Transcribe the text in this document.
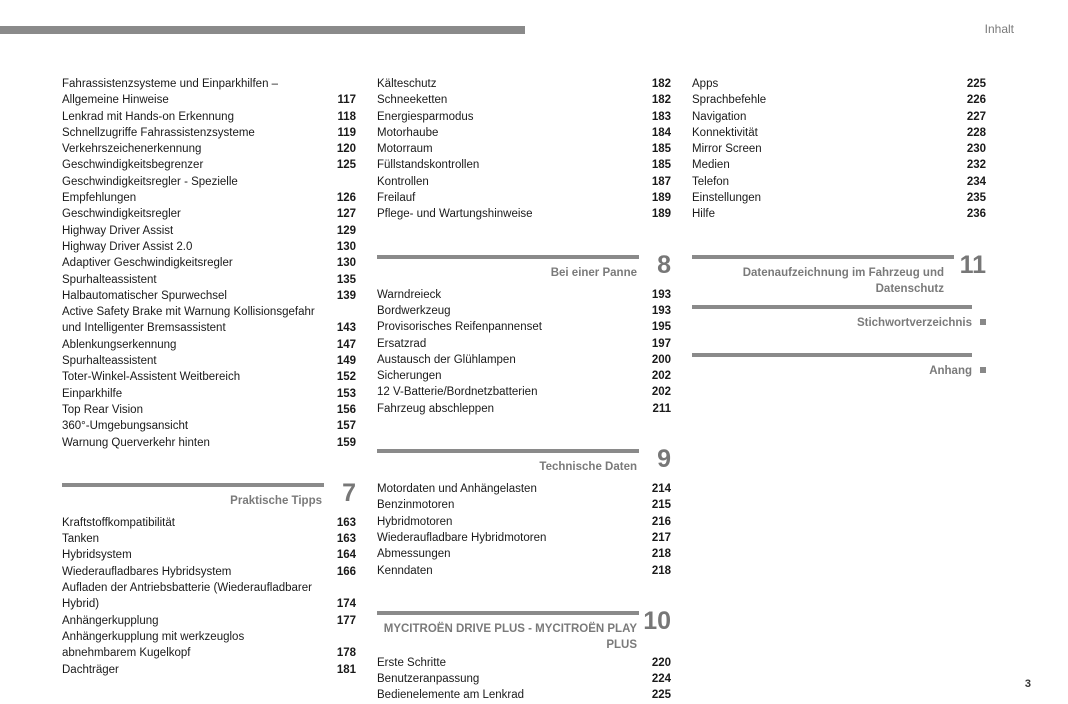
Inhalt
Fahrassistenzsysteme und Einparkhilfen –
Allgemeine Hinweise	117
Lenkrad mit Hands-on Erkennung	118
Schnellzugriffe Fahrassistenzsysteme	119
Verkehrszeichenerkennung	120
Geschwindigkeitsbegrenzer	125
Geschwindigkeitsregler - Spezielle
Empfehlungen	126
Geschwindigkeitsregler	127
Highway Driver Assist	129
Highway Driver Assist 2.0	130
Adaptiver Geschwindigkeitsregler	130
Spurhalteassistent	135
Halbautomatischer Spurwechsel	139
Active Safety Brake mit Warnung Kollisionsgefahr
und Intelligenter Bremsassistent	143
Ablenkungserkennung	147
Spurhalteassistent	149
Toter-Winkel-Assistent Weitbereich	152
Einparkhilfe	153
Top Rear Vision	156
360°-Umgebungsansicht	157
Warnung Querverkehr hinten	159
Praktische Tipps 7
Kraftstoffkompatibilität	163
Tanken	163
Hybridsystem	164
Wiederaufladbares Hybridsystem	166
Aufladen der Antriebsbatterie (Wiederaufladbarer
Hybrid)	174
Anhängerkupplung	177
Anhängerkupplung mit werkzeuglos
abnehmbarem Kugelkopf	178
Dachträger	181
Kälteschutz	182
Schneeketten	182
Energiesparmodus	183
Motorhaube	184
Motorraum	185
Füllstandskontrollen	185
Kontrollen	187
Freilauf	189
Pflege- und Wartungshinweise	189
Bei einer Panne 8
Warndreieck	193
Bordwerkzeug	193
Provisorisches Reifenpannenset	195
Ersatzrad	197
Austausch der Glühlampen	200
Sicherungen	202
12 V-Batterie/Bordnetzbatterien	202
Fahrzeug abschleppen	211
Technische Daten 9
Motordaten und Anhängelasten	214
Benzinmotoren	215
Hybridmotoren	216
Wiederaufladbare Hybridmotoren	217
Abmessungen	218
Kenndaten	218
MYCITROËN DRIVE PLUS - MYCITROËN PLAY
PLUS
10
Erste Schritte	220
Benutzeranpassung	224
Bedienelemente am Lenkrad	225
Apps	225
Sprachbefehle	226
Navigation	227
Konnektivität	228
Mirror Screen	230
Medien	232
Telefon	234
Einstellungen	235
Hilfe	236
Datenaufzeichnung im Fahrzeug und
Datenschutz
11
Stichwortverzeichnis
Anhang
3
